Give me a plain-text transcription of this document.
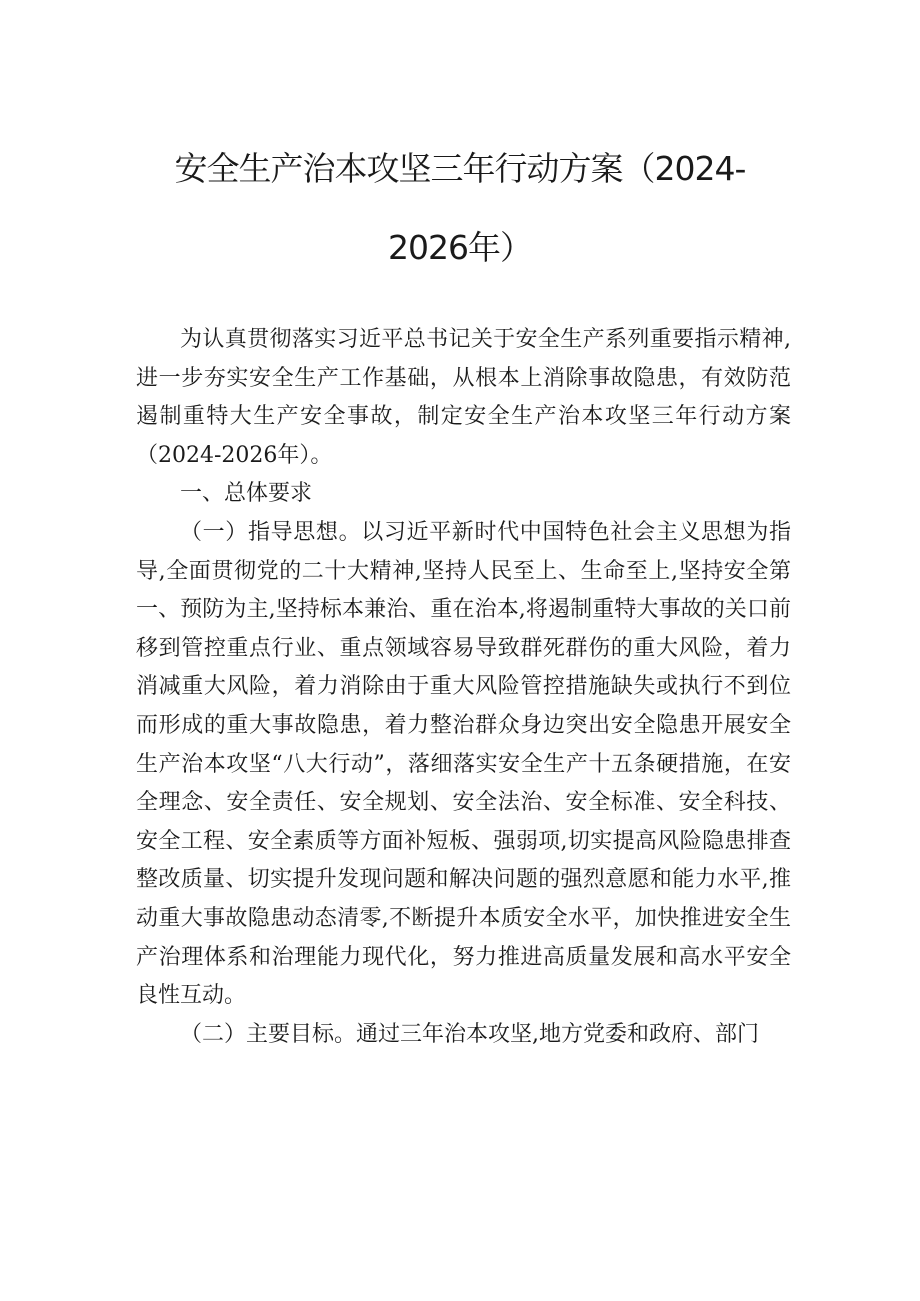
安全生产治本攻坚三年行动方案（2024-
2026年）

为认真贯彻落实习近平总书记关于安全生产系列重要指示精神,进一步夯实安全生产工作基础，从根本上消除事故隐患，有效防范遏制重特大生产安全事故，制定安全生产治本攻坚三年行动方案（2024-2026年）。

一、总体要求

（一）指导思想。以习近平新时代中国特色社会主义思想为指导,全面贯彻党的二十大精神,坚持人民至上、生命至上,坚持安全第一、预防为主,坚持标本兼治、重在治本,将遏制重特大事故的关口前移到管控重点行业、重点领域容易导致群死群伤的重大风险，着力消减重大风险，着力消除由于重大风险管控措施缺失或执行不到位而形成的重大事故隐患，着力整治群众身边突出安全隐患开展安全生产治本攻坚“八大行动”，落细落实安全生产十五条硬措施，在安全理念、安全责任、安全规划、安全法治、安全标准、安全科技、安全工程、安全素质等方面补短板、强弱项,切实提高风险隐患排查整改质量、切实提升发现问题和解决问题的强烈意愿和能力水平,推动重大事故隐患动态清零,不断提升本质安全水平，加快推进安全生产治理体系和治理能力现代化，努力推进高质量发展和高水平安全良性互动。

（二）主要目标。通过三年治本攻坚,地方党委和政府、部门
